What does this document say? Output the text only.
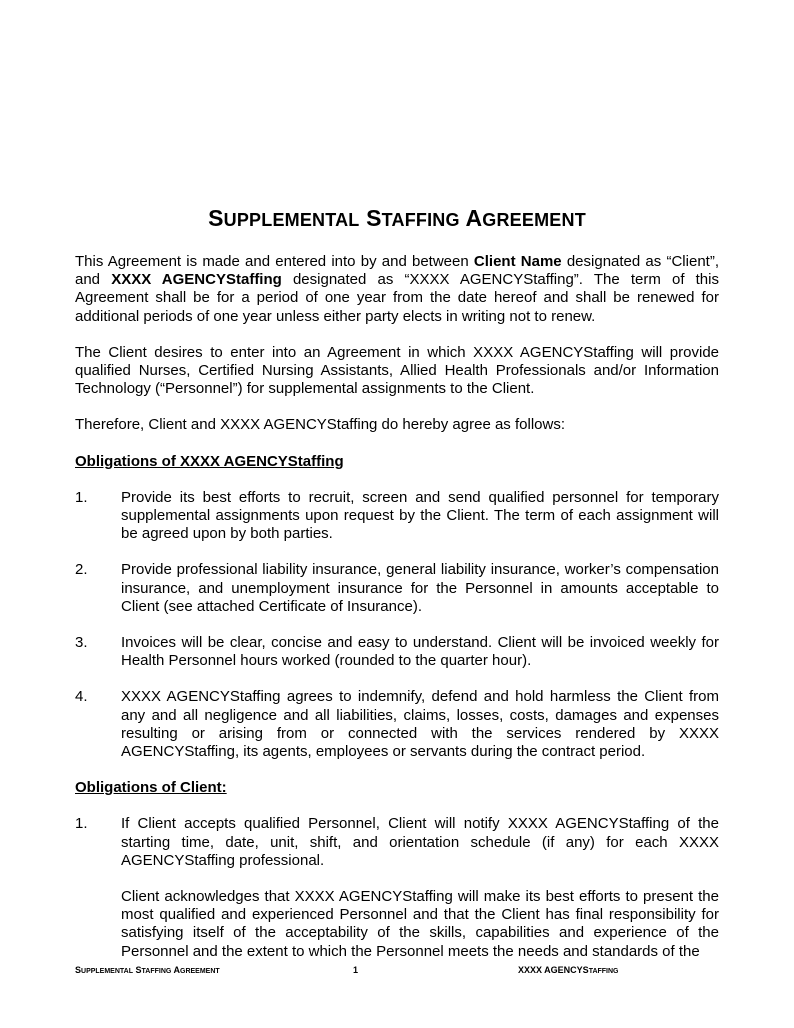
SUPPLEMENTAL STAFFING AGREEMENT

This Agreement is made and entered into by and between Client Name designated as “Client”, and XXXX AGENCYStaffing designated as “XXXX AGENCYStaffing”. The term of this Agreement shall be for a period of one year from the date hereof and shall be renewed for additional periods of one year unless either party elects in writing not to renew.

The Client desires to enter into an Agreement in which XXXX AGENCYStaffing will provide qualified Nurses, Certified Nursing Assistants, Allied Health Professionals and/or Information Technology (“Personnel”) for supplemental assignments to the Client.

Therefore, Client and XXXX AGENCYStaffing do hereby agree as follows:

Obligations of XXXX AGENCYStaffing

1. Provide its best efforts to recruit, screen and send qualified personnel for temporary supplemental assignments upon request by the Client. The term of each assignment will be agreed upon by both parties.
2. Provide professional liability insurance, general liability insurance, worker’s compensation insurance, and unemployment insurance for the Personnel in amounts acceptable to Client (see attached Certificate of Insurance).
3. Invoices will be clear, concise and easy to understand. Client will be invoiced weekly for Health Personnel hours worked (rounded to the quarter hour).
4. XXXX AGENCYStaffing agrees to indemnify, defend and hold harmless the Client from any and all negligence and all liabilities, claims, losses, costs, damages and expenses resulting or arising from or connected with the services rendered by XXXX AGENCYStaffing, its agents, employees or servants during the contract period.

Obligations of Client:

1. If Client accepts qualified Personnel, Client will notify XXXX AGENCYStaffing of the starting time, date, unit, shift, and orientation schedule (if any) for each XXXX AGENCYStaffing professional.

Client acknowledges that XXXX AGENCYStaffing will make its best efforts to present the most qualified and experienced Personnel and that the Client has final responsibility for satisfying itself of the acceptability of the skills, capabilities and experience of the Personnel and the extent to which the Personnel meets the needs and standards of the

SUPPLEMENTAL STAFFING AGREEMENT	1	XXXX AGENCYSTAFFING
